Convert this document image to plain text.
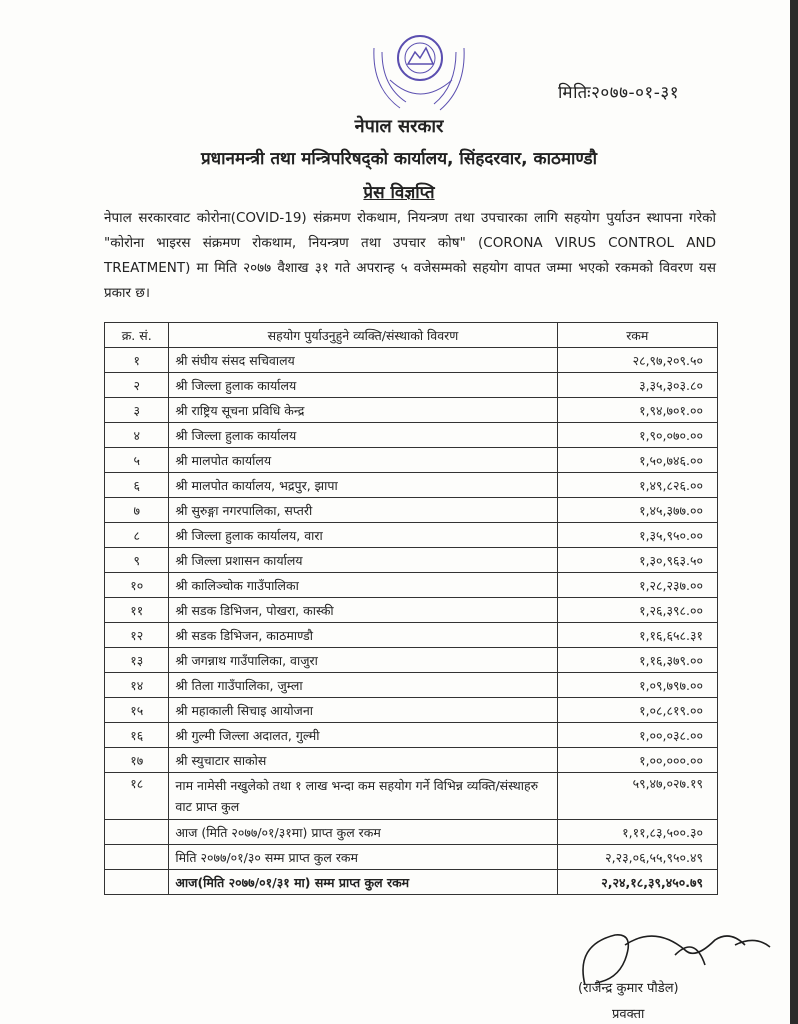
मितिः२०७७-०१-३१
नेपाल सरकार
प्रधानमन्त्री तथा मन्त्रिपरिषद्को कार्यालय, सिंहदरवार, काठमाण्डौ
प्रेस विज्ञप्ति
नेपाल सरकारवाट कोरोना(COVID-19) संक्रमण रोकथाम, नियन्त्रण तथा उपचारका लागि सहयोग पुर्याउन स्थापना गरेको "कोरोना भाइरस संक्रमण रोकथाम, नियन्त्रण तथा उपचार कोष" (CORONA VIRUS CONTROL AND TREATMENT) मा मिति २०७७ वैशाख ३१ गते अपरान्ह ५ वजेसम्मको सहयोग वापत जम्मा भएको रकमको विवरण यस प्रकार छ।
क्र. सं.	सहयोग पुर्याउनुहुने व्यक्ति/संस्थाको विवरण	रकम
१	श्री संघीय संसद सचिवालय	२८,९७,२०९.५०
२	श्री जिल्ला हुलाक कार्यालय	३,३५,३०३.८०
३	श्री राष्ट्रिय सूचना प्रविधि केन्द्र	१,९४,७०१.००
४	श्री जिल्ला हुलाक कार्यालय	१,९०,०७०.००
५	श्री मालपोत कार्यालय	१,५०,७४६.००
६	श्री मालपोत कार्यालय, भद्रपुर, झापा	१,४९,८२६.००
७	श्री सुरुङ्गा नगरपालिका, सप्तरी	१,४५,३७७.००
८	श्री जिल्ला हुलाक कार्यालय, वारा	१,३५,९५०.००
९	श्री जिल्ला प्रशासन कार्यालय	१,३०,९६३.५०
१०	श्री कालिञ्चोक गाउँपालिका	१,२८,२३७.००
११	श्री सडक डिभिजन, पोखरा, कास्की	१,२६,३९८.००
१२	श्री सडक डिभिजन, काठमाण्डौ	१,१६,६५८.३१
१३	श्री जगन्नाथ गाउँपालिका, वाजुरा	१,१६,३७९.००
१४	श्री तिला गाउँपालिका, जुम्ला	१,०९,७९७.००
१५	श्री महाकाली सिचाइ आयोजना	१,०८,८१९.००
१६	श्री गुल्मी जिल्ला अदालत, गुल्मी	१,००,०३८.००
१७	श्री स्युचाटार साकोस	१,००,०००.००
१८	नाम नामेसी नखुलेको तथा १ लाख भन्दा कम सहयोग गर्ने विभिन्न व्यक्ति/संस्थाहरु वाट प्राप्त कुल	५९,४७,०२७.१९
	आज (मिति २०७७/०१/३१मा) प्राप्त कुल रकम	१,११,८३,५००.३०
	मिति २०७७/०१/३० सम्म प्राप्त कुल रकम	२,२३,०६,५५,९५०.४९
	आज(मिति २०७७/०१/३१ मा) सम्म प्राप्त कुल रकम	२,२४,१८,३९,४५०.७९
(राजेन्द्र कुमार पौडेल)
प्रवक्ता
